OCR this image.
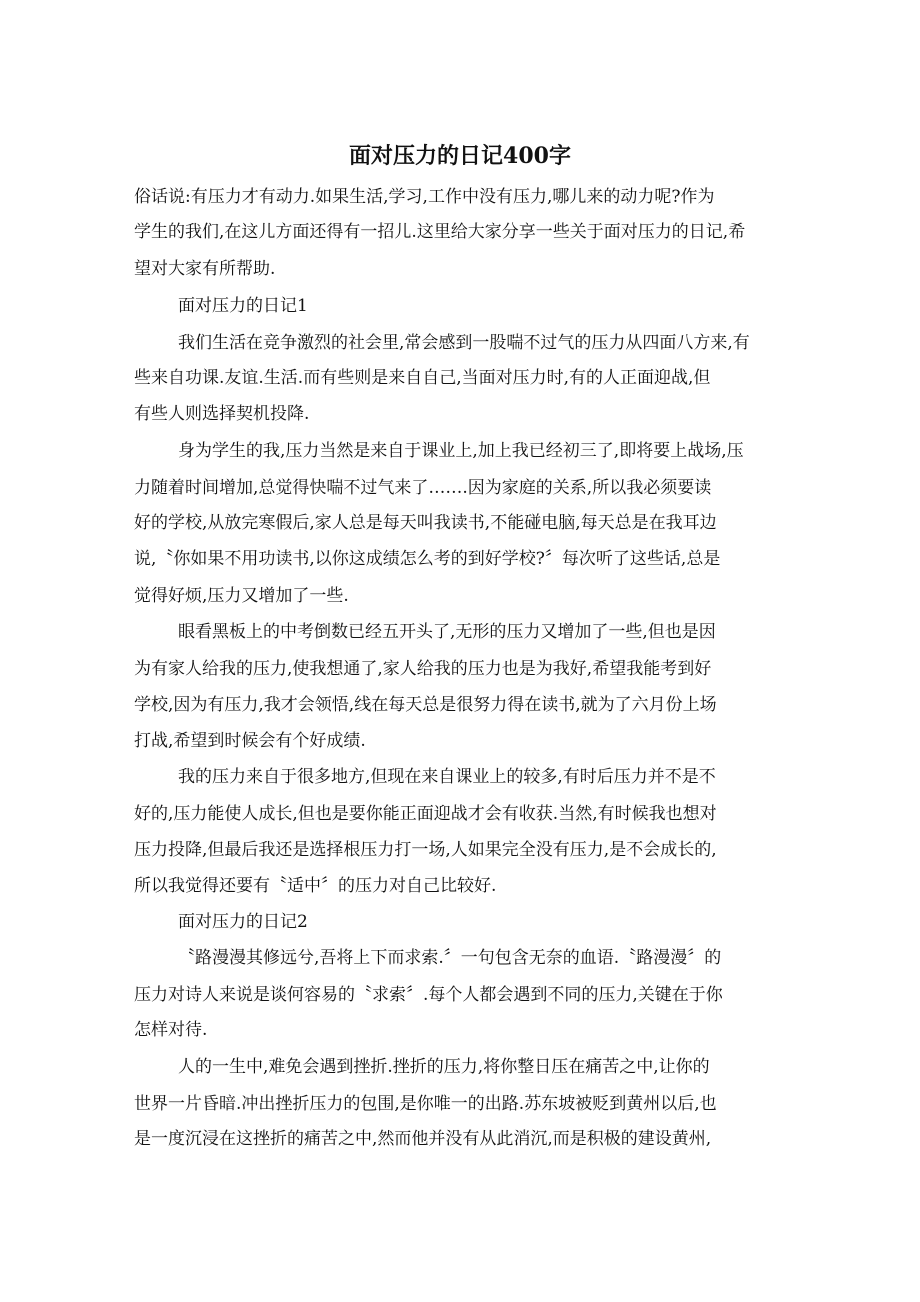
面对压力的日记400字
俗话说:有压力才有动力.如果生活,学习,工作中没有压力,哪儿来的动力呢?作为
学生的我们,在这儿方面还得有一招儿.这里给大家分享一些关于面对压力的日记,希
望对大家有所帮助.
面对压力的日记1
我们生活在竞争激烈的社会里,常会感到一股喘不过气的压力从四面八方来,有
些来自功课.友谊.生活.而有些则是来自自己,当面对压力时,有的人正面迎战,但
有些人则选择契机投降.
身为学生的我,压力当然是来自于课业上,加上我已经初三了,即将要上战场,压
力随着时间增加,总觉得快喘不过气来了…….因为家庭的关系,所以我必须要读
好的学校,从放完寒假后,家人总是每天叫我读书,不能碰电脑,每天总是在我耳边
说,〝你如果不用功读书,以你这成绩怎么考的到好学校?〞每次听了这些话,总是
觉得好烦,压力又增加了一些.
眼看黑板上的中考倒数已经五开头了,无形的压力又增加了一些,但也是因
为有家人给我的压力,使我想通了,家人给我的压力也是为我好,希望我能考到好
学校,因为有压力,我才会领悟,线在每天总是很努力得在读书,就为了六月份上场
打战,希望到时候会有个好成绩.
我的压力来自于很多地方,但现在来自课业上的较多,有时后压力并不是不
好的,压力能使人成长,但也是要你能正面迎战才会有收获.当然,有时候我也想对
压力投降,但最后我还是选择根压力打一场,人如果完全没有压力,是不会成长的,
所以我觉得还要有〝适中〞的压力对自己比较好.
面对压力的日记2
〝路漫漫其修远兮,吾将上下而求索.〞一句包含无奈的血语.〝路漫漫〞的
压力对诗人来说是谈何容易的〝求索〞.每个人都会遇到不同的压力,关键在于你
怎样对待.
人的一生中,难免会遇到挫折.挫折的压力,将你整日压在痛苦之中,让你的
世界一片昏暗.冲出挫折压力的包围,是你唯一的出路.苏东坡被贬到黄州以后,也
是一度沉浸在这挫折的痛苦之中,然而他并没有从此消沉,而是积极的建设黄州,
